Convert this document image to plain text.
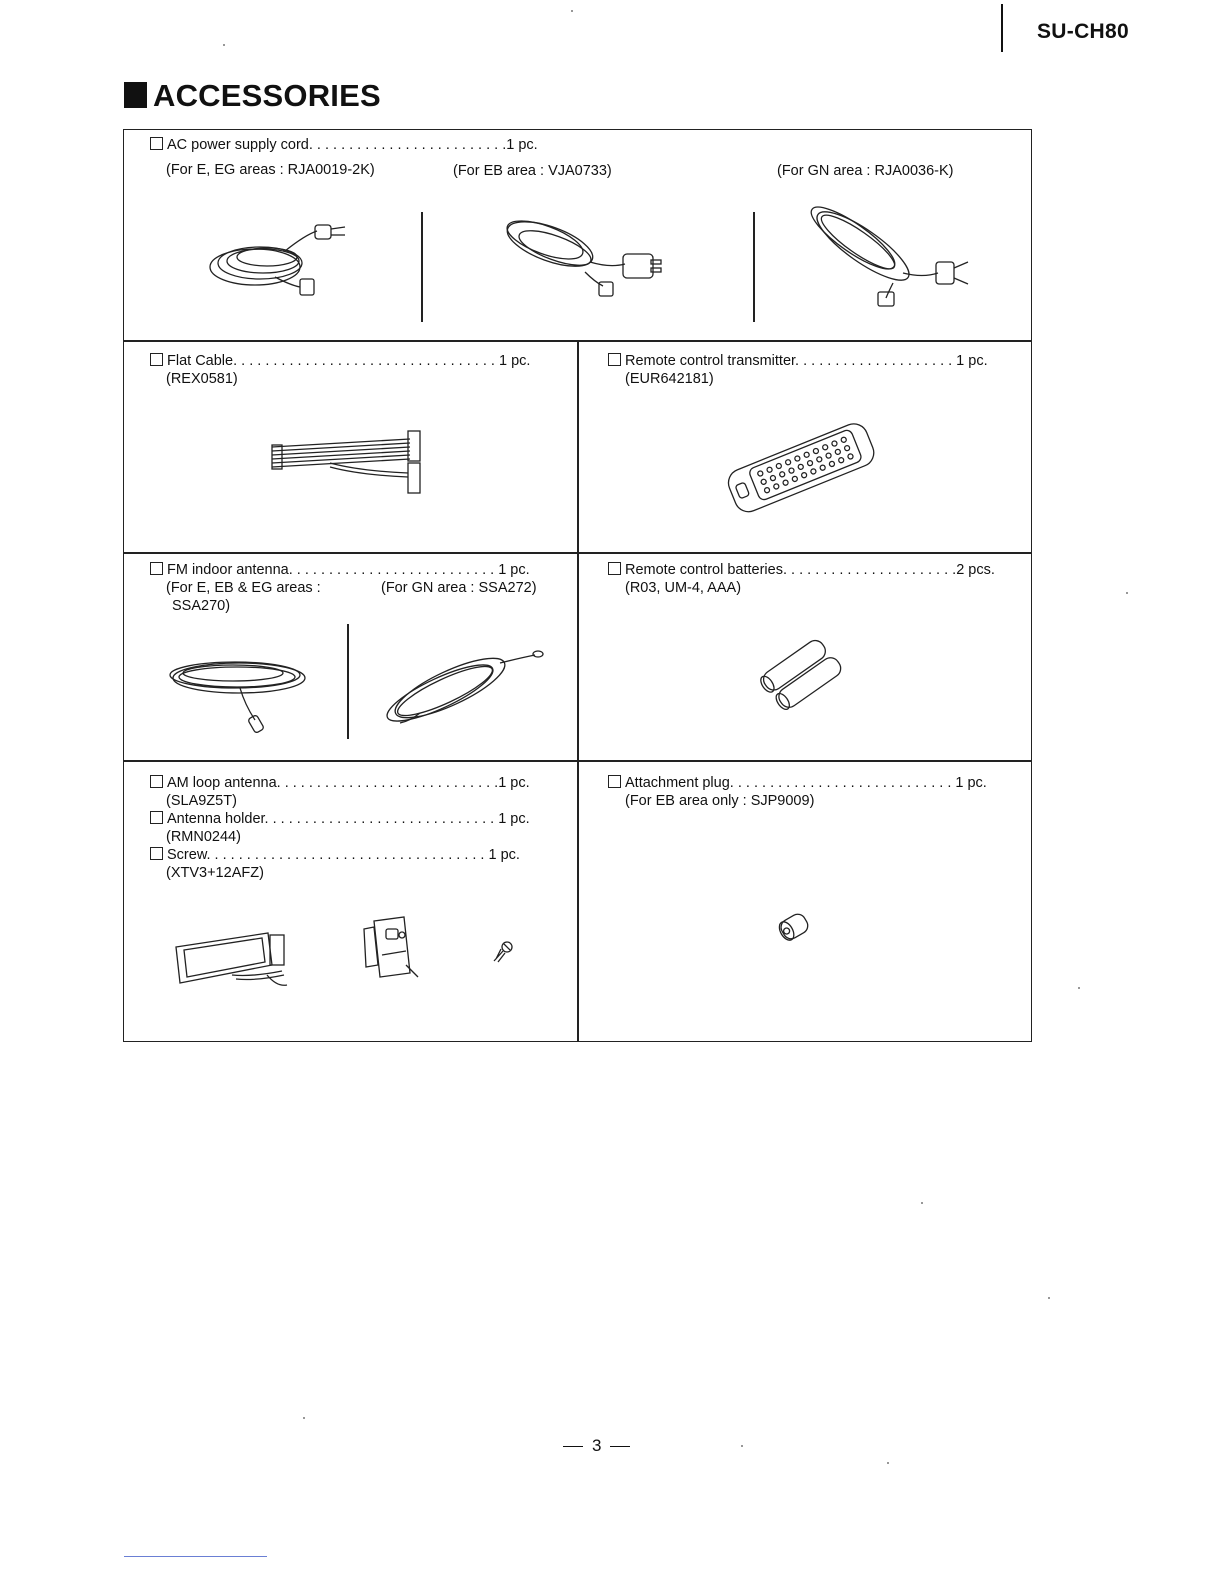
SU-CH80
ACCESSORIES
AC power supply cord. . . . . . . . . . . . . . . . . . . . . . . . .1 pc.
(For E, EG areas : RJA0019-2K)	(For EB area : VJA0733)	(For GN area : RJA0036-K)
Flat Cable. . . . . . . . . . . . . . . . . . . . . . . . . . . . . . . . . 1 pc.
(REX0581)
Remote control transmitter. . . . . . . . . . . . . . . . . . . . 1 pc.
(EUR642181)
FM indoor antenna. . . . . . . . . . . . . . . . . . . . . . . . . . 1 pc.
(For E, EB & EG areas :
SSA270)
(For GN area : SSA272)
Remote control batteries. . . . . . . . . . . . . . . . . . . . . .2 pcs.
(R03, UM-4, AAA)
AM loop antenna. . . . . . . . . . . . . . . . . . . . . . . . . . . .1 pc.
(SLA9Z5T)
Antenna holder. . . . . . . . . . . . . . . . . . . . . . . . . . . . . 1 pc.
(RMN0244)
Screw. . . . . . . . . . . . . . . . . . . . . . . . . . . . . . . . . . . 1 pc.
(XTV3+12AFZ)
Attachment plug. . . . . . . . . . . . . . . . . . . . . . . . . . . . 1 pc.
(For EB area only : SJP9009)
3
